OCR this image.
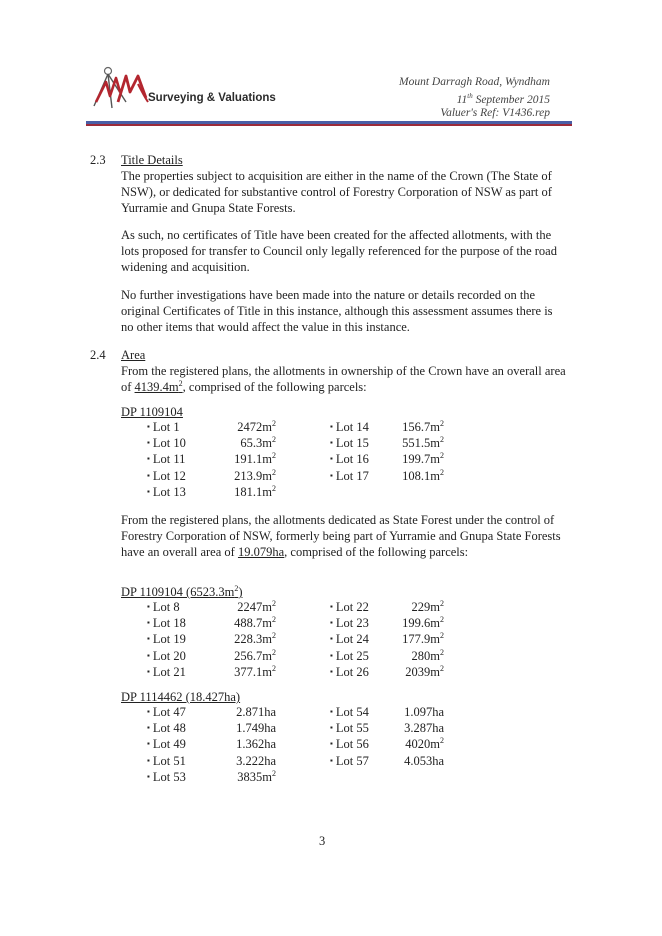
Surveying & Valuations
Mount Darragh Road, Wyndham
11th September 2015
Valuer's Ref: V1436.rep
2.3 Title Details
The properties subject to acquisition are either in the name of the Crown (The State of NSW), or dedicated for substantive control of Forestry Corporation of NSW as part of Yurramie and Gnupa State Forests.
As such, no certificates of Title have been created for the affected allotments, with the lots proposed for transfer to Council only legally referenced for the purpose of the road widening and acquisition.
No further investigations have been made into the nature or details recorded on the original Certificates of Title in this instance, although this assessment assumes there is no other items that would affect the value in this instance.
2.4 Area
From the registered plans, the allotments in ownership of the Crown have an overall area of $4139.4m^2$, comprised of the following parcels:
DP 1109104
▪ Lot 1	$2472m^2$
▪ Lot 10	$65.3m^2$
▪ Lot 11	$191.1m^2$
▪ Lot 12	$213.9m^2$
▪ Lot 13	$181.1m^2$
▪ Lot 14	$156.7m^2$
▪ Lot 15	$551.5m^2$
▪ Lot 16	$199.7m^2$
▪ Lot 17	$108.1m^2$
From the registered plans, the allotments dedicated as State Forest under the control of Forestry Corporation of NSW, formerly being part of Yurramie and Gnupa State Forests have an overall area of 19.079ha, comprised of the following parcels:
DP 1109104 $(6523.3m^2)$
▪ Lot 8	$2247m^2$
▪ Lot 18	$488.7m^2$
▪ Lot 19	$228.3m^2$
▪ Lot 20	$256.7m^2$
▪ Lot 21	$377.1m^2$
▪ Lot 22	$229m^2$
▪ Lot 23	$199.6m^2$
▪ Lot 24	$177.9m^2$
▪ Lot 25	$280m^2$
▪ Lot 26	$2039m^2$
DP 1114462 (18.427ha)
▪ Lot 47	2.871ha
▪ Lot 48	1.749ha
▪ Lot 49	1.362ha
▪ Lot 51	3.222ha
▪ Lot 53	$3835m^2$
▪ Lot 54	1.097ha
▪ Lot 55	3.287ha
▪ Lot 56	$4020m^2$
▪ Lot 57	4.053ha
3
